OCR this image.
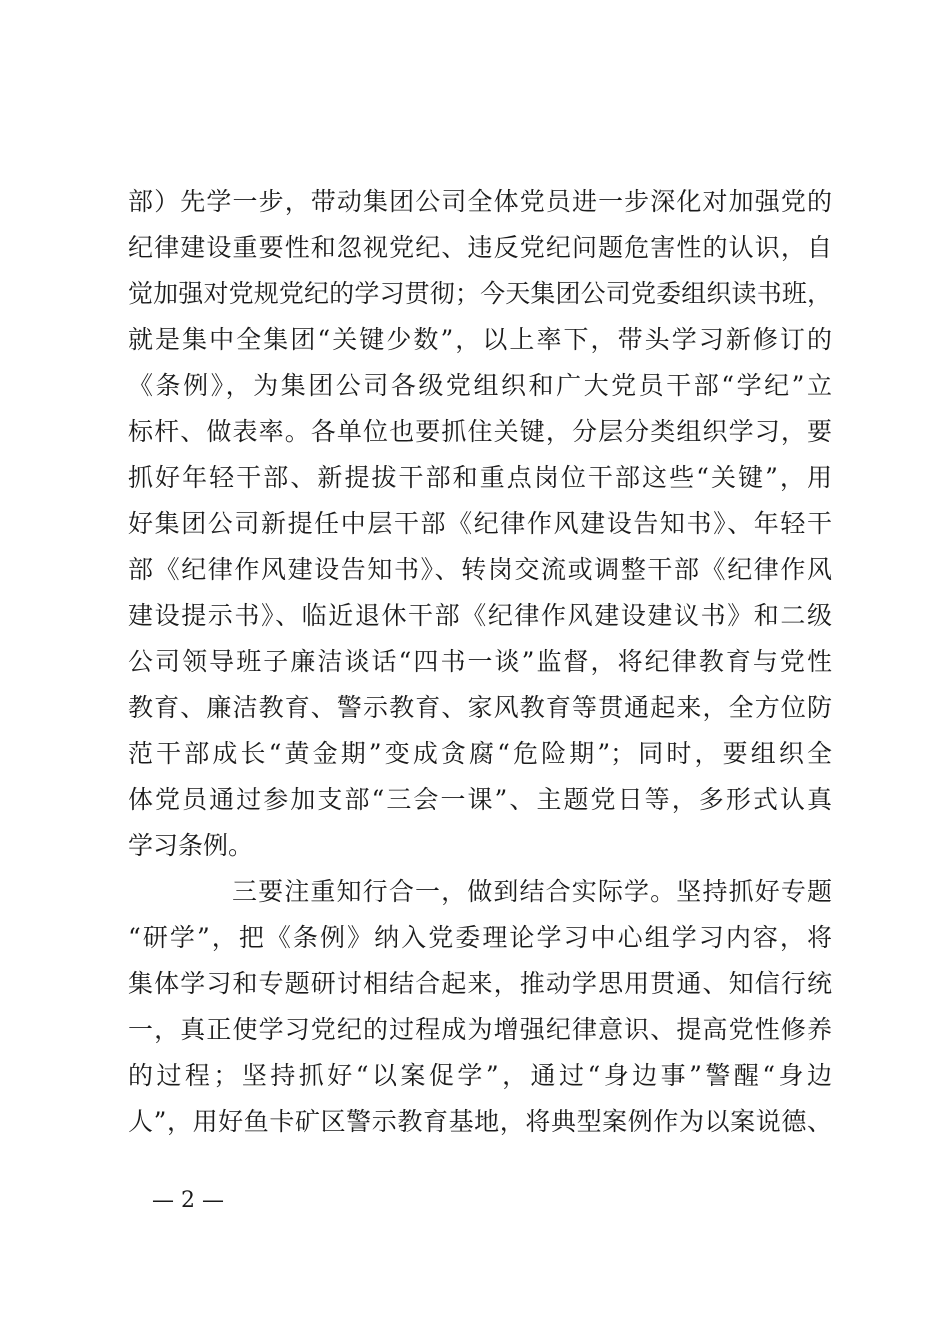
部）先学一步，带动集团公司全体党员进一步深化对加强党的
纪律建设重要性和忽视党纪、违反党纪问题危害性的认识，自
觉加强对党规党纪的学习贯彻；今天集团公司党委组织读书班，
就是集中全集团“关键少数”，以上率下，带头学习新修订的
《条例》，为集团公司各级党组织和广大党员干部“学纪”立
标杆、做表率。各单位也要抓住关键，分层分类组织学习，要
抓好年轻干部、新提拔干部和重点岗位干部这些“关键”，用
好集团公司新提任中层干部《纪律作风建设告知书》、年轻干
部《纪律作风建设告知书》、转岗交流或调整干部《纪律作风
建设提示书》、临近退休干部《纪律作风建设建议书》和二级
公司领导班子廉洁谈话“四书一谈”监督，将纪律教育与党性
教育、廉洁教育、警示教育、家风教育等贯通起来，全方位防
范干部成长“黄金期”变成贪腐“危险期”；同时，要组织全
体党员通过参加支部“三会一课”、主题党日等，多形式认真
学习条例。
三要注重知行合一，做到结合实际学。坚持抓好专题
“研学”，把《条例》纳入党委理论学习中心组学习内容，将
集体学习和专题研讨相结合起来，推动学思用贯通、知信行统
一，真正使学习党纪的过程成为增强纪律意识、提高党性修养
的过程；坚持抓好“以案促学”，通过“身边事”警醒“身边
人”，用好鱼卡矿区警示教育基地，将典型案例作为以案说德、
— 2 —
